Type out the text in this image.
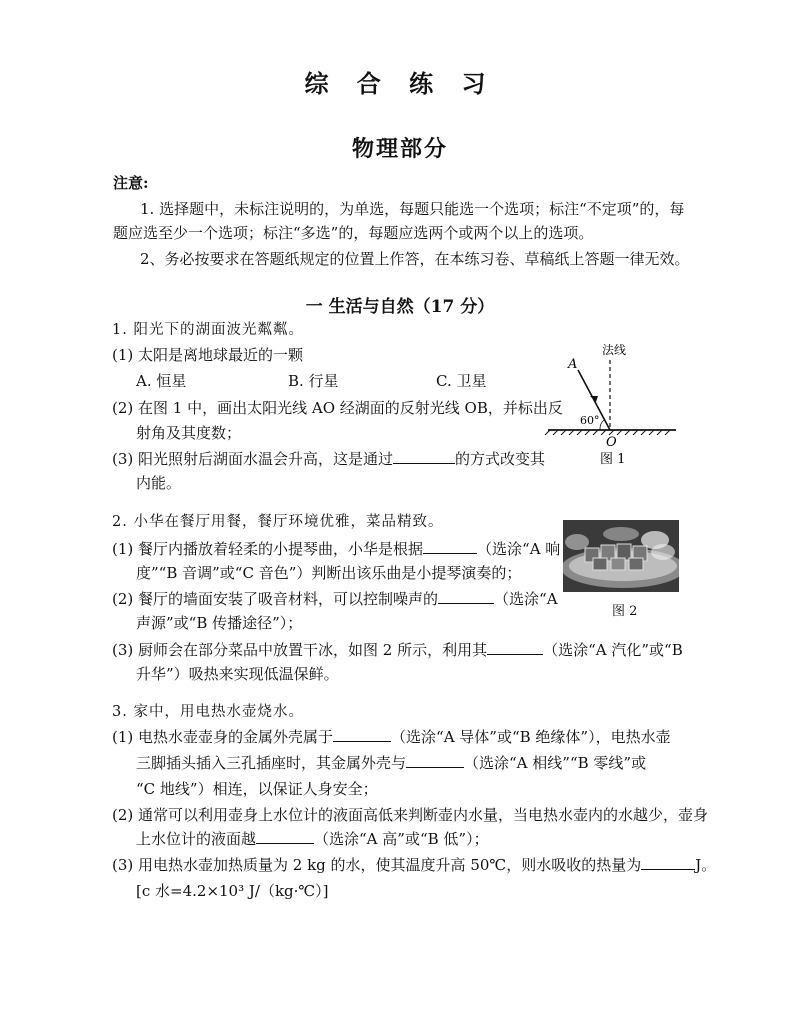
综 合 练 习
物理部分
注意:
1. 选择题中，未标注说明的，为单选，每题只能选一个选项；标注“不定项”的，每
题应选至少一个选项；标注“多选”的，每题应选两个或两个以上的选项。
2、务必按要求在答题纸规定的位置上作答，在本练习卷、草稿纸上答题一律无效。
一 生活与自然（17 分）
1. 阳光下的湖面波光粼粼。
(1) 太阳是离地球最近的一颗
A. 恒星	B. 行星	C. 卫星
(2) 在图 1 中，画出太阳光线 AO 经湖面的反射光线 OB，并标出反
射角及其度数；
(3) 阳光照射后湖面水温会升高，这是通过	的方式改变其
内能。
法线
A
60°
O
图 1
2. 小华在餐厅用餐，餐厅环境优雅，菜品精致。
(1) 餐厅内播放着轻柔的小提琴曲，小华是根据	（选涂“A 响
度”“B 音调”或“C 音色”）判断出该乐曲是小提琴演奏的；
(2) 餐厅的墙面安装了吸音材料，可以控制噪声的	（选涂“A
声源”或“B 传播途径”）；
(3) 厨师会在部分菜品中放置干冰，如图 2 所示，利用其	（选涂“A 汽化”或“B
升华”）吸热来实现低温保鲜。
图 2
3. 家中，用电热水壶烧水。
(1) 电热水壶壶身的金属外壳属于	（选涂“A 导体”或“B 绝缘体”），电热水壶
三脚插头插入三孔插座时，其金属外壳与	（选涂“A 相线”“B 零线”或
“C 地线”）相连，以保证人身安全；
(2) 通常可以利用壶身上水位计的液面高低来判断壶内水量，当电热水壶内的水越少，壶身
上水位计的液面越	（选涂“A 高”或“B 低”）；
(3) 用电热水壶加热质量为 2 kg 的水，使其温度升高 50℃，则水吸收的热量为	J。
[c 水=4.2×10³ J/（kg·℃）]
